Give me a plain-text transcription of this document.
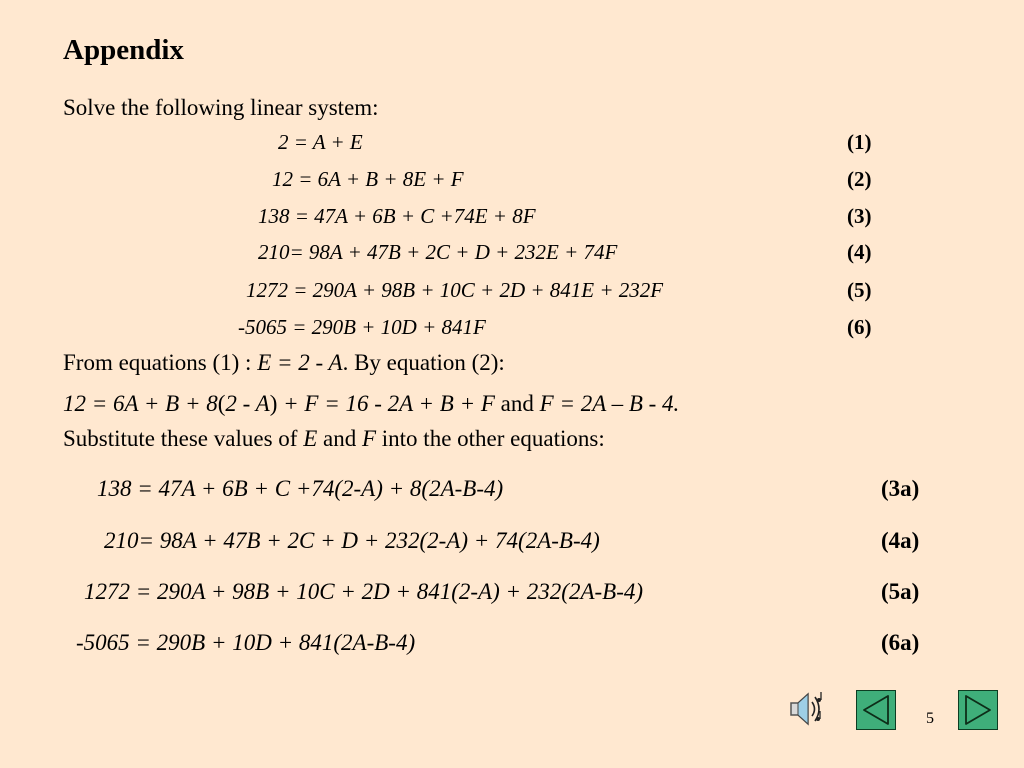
Appendix
Solve the following linear system:
2 = A + E	(1)
12 = 6A + B + 8E + F	(2)
138 = 47A + 6B + C +74E + 8F	(3)
210= 98A + 47B + 2C + D + 232E + 74F	(4)
1272 = 290A + 98B + 10C + 2D + 841E + 232F	(5)
-5065 = 290B + 10D + 841F	(6)
From equations (1) : E = 2 - A. By equation (2):
12 = 6A + B + 8(2 - A) + F = 16 - 2A + B + F and F = 2A – B - 4.
Substitute these values of E and F into the other equations:
138 = 47A + 6B + C +74(2-A) + 8(2A-B-4)	(3a)
210= 98A + 47B + 2C + D + 232(2-A) + 74(2A-B-4)	(4a)
1272 = 290A + 98B + 10C + 2D + 841(2-A) + 232(2A-B-4)	(5a)
-5065 = 290B + 10D + 841(2A-B-4)	(6a)
5
